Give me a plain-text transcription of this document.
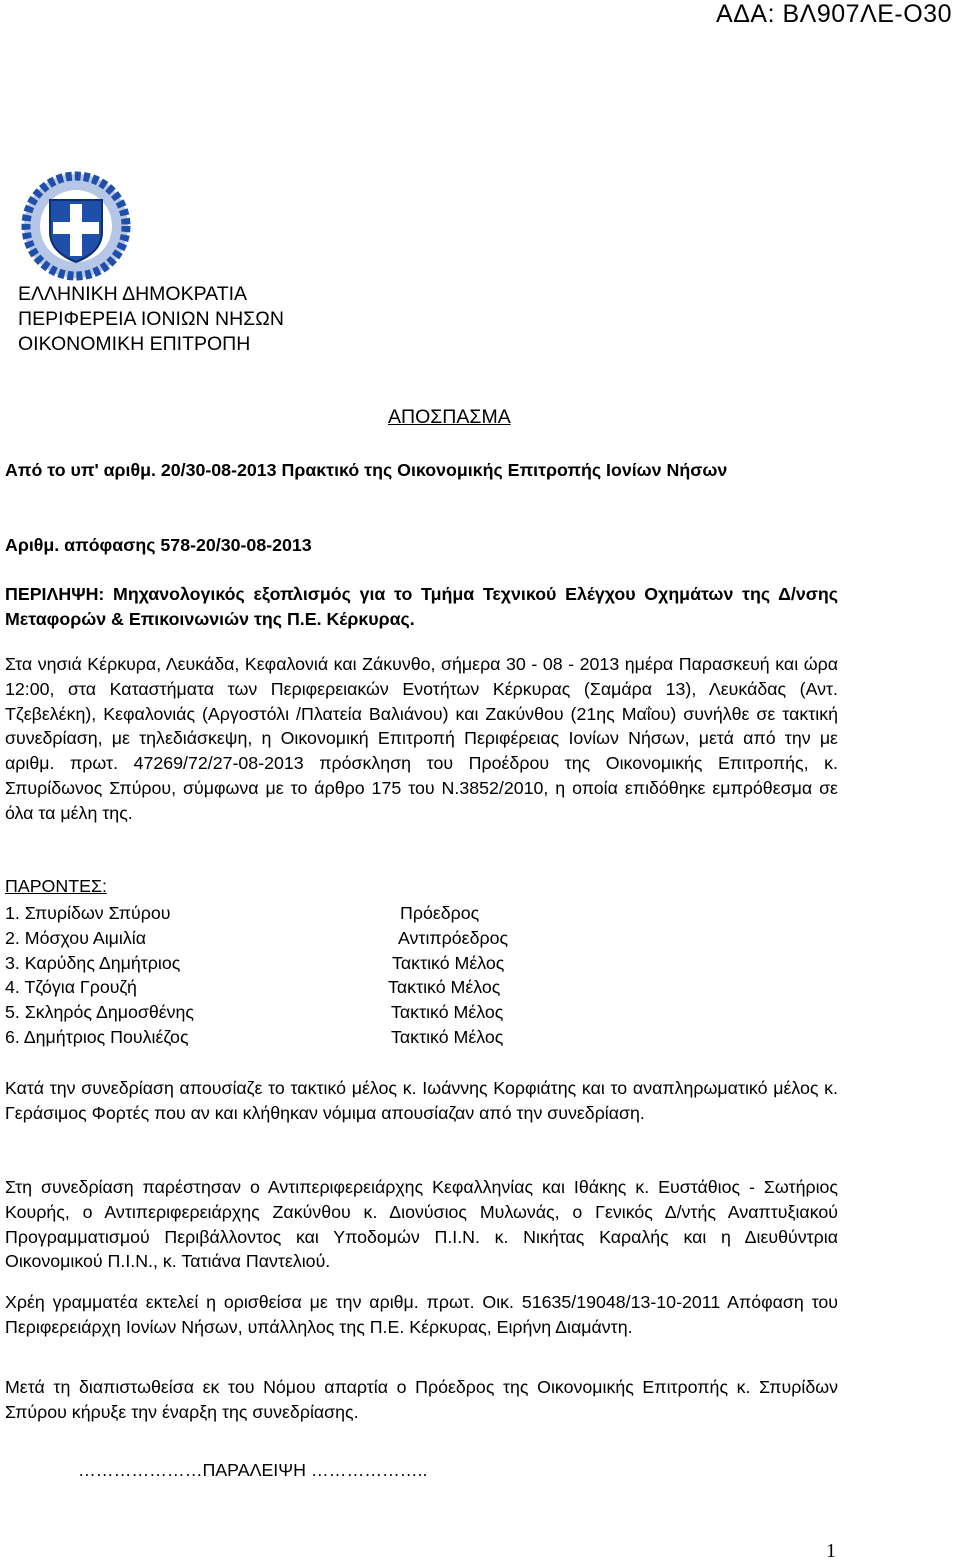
ΑΔΑ: ΒΛ907ΛΕ-Ο30
ΕΛΛΗΝΙΚΗ ΔΗΜΟΚΡΑΤΙΑ
ΠΕΡΙΦΕΡΕΙΑ ΙΟΝΙΩΝ ΝΗΣΩΝ
ΟΙΚΟΝΟΜΙΚΗ ΕΠΙΤΡΟΠΗ
ΑΠΟΣΠΑΣΜΑ
Από το υπ' αριθμ. 20/30-08-2013 Πρακτικό της Οικονομικής Επιτροπής Ιονίων Νήσων
Αριθμ. απόφασης 578-20/30-08-2013
ΠΕΡΙΛΗΨΗ: Μηχανολογικός εξοπλισμός για το Τμήμα Τεχνικού Ελέγχου Οχημάτων της Δ/νσης Μεταφορών & Επικοινωνιών της Π.Ε. Κέρκυρας.
Στα νησιά Κέρκυρα, Λευκάδα, Κεφαλονιά και Ζάκυνθο, σήμερα 30 - 08 - 2013 ημέρα Παρασκευή και ώρα 12:00, στα Καταστήματα των Περιφερειακών Ενοτήτων Κέρκυρας (Σαμάρα 13), Λευκάδας (Αντ. Τζεβελέκη), Κεφαλονιάς (Αργοστόλι /Πλατεία Βαλιάνου) και Ζακύνθου (21ης Μαΐου) συνήλθε σε τακτική συνεδρίαση, με τηλεδιάσκεψη, η Οικονομική Επιτροπή Περιφέρειας Ιονίων Νήσων, μετά από την με αριθμ. πρωτ. 47269/72/27-08-2013 πρόσκληση του Προέδρου της Οικονομικής Επιτροπής, κ. Σπυρίδωνος Σπύρου, σύμφωνα με το άρθρο 175 του Ν.3852/2010, η οποία επιδόθηκε εμπρόθεσμα σε όλα τα μέλη της.
ΠΑΡΟΝΤΕΣ:
1. Σπυρίδων Σπύρου	Πρόεδρος
2. Μόσχου Αιμιλία	Αντιπρόεδρος
3. Καρύδης Δημήτριος	Τακτικό Μέλος
4. Τζόγια Γρουζή	Τακτικό Μέλος
5. Σκληρός Δημοσθένης	Τακτικό Μέλος
6. Δημήτριος Πουλιέζος	Τακτικό Μέλος
Κατά την συνεδρίαση απουσίαζε το τακτικό μέλος κ. Ιωάννης Κορφιάτης και το αναπληρωματικό μέλος κ. Γεράσιμος Φορτές που αν και κλήθηκαν νόμιμα απουσίαζαν από την συνεδρίαση.
Στη συνεδρίαση παρέστησαν ο Αντιπεριφερειάρχης Κεφαλληνίας και Ιθάκης κ. Ευστάθιος - Σωτήριος Κουρής, ο Αντιπεριφερειάρχης Ζακύνθου κ. Διονύσιος Μυλωνάς, ο Γενικός Δ/ντής Αναπτυξιακού Προγραμματισμού Περιβάλλοντος και Υποδομών Π.Ι.Ν. κ. Νικήτας Καραλής και η Διευθύντρια Οικονομικού Π.Ι.Ν., κ. Τατιάνα Παντελιού.
Χρέη γραμματέα εκτελεί η ορισθείσα με την αριθμ. πρωτ. Οικ. 51635/19048/13-10-2011 Απόφαση του Περιφερειάρχη Ιονίων Νήσων, υπάλληλος της Π.Ε. Κέρκυρας, Ειρήνη Διαμάντη.
Μετά τη διαπιστωθείσα εκ του Νόμου απαρτία ο Πρόεδρος της Οικονομικής Επιτροπής κ. Σπυρίδων Σπύρου κήρυξε την έναρξη της συνεδρίασης.
…………………ΠΑΡΑΛΕΙΨΗ ………………..
1
